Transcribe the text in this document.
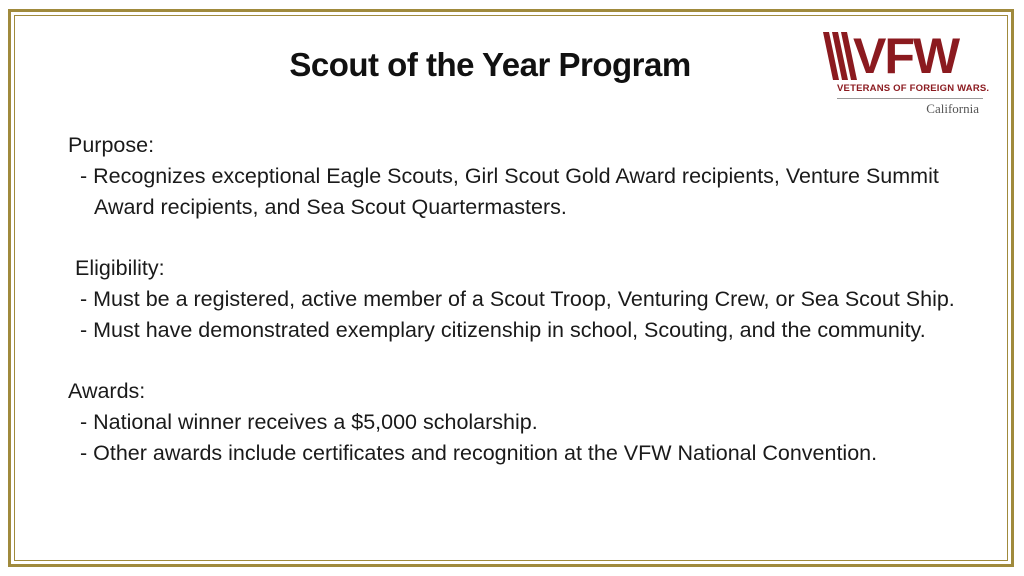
Scout of the Year Program	VFW
VETERANS OF FOREIGN WARS.
California
Purpose:
- Recognizes exceptional Eagle Scouts, Girl Scout Gold Award recipients, Venture Summit Award recipients, and Sea Scout Quartermasters.
Eligibility:
- Must be a registered, active member of a Scout Troop, Venturing Crew, or Sea Scout Ship.
- Must have demonstrated exemplary citizenship in school, Scouting, and the community.
Awards:
- National winner receives a $5,000 scholarship.
- Other awards include certificates and recognition at the VFW National Convention.
